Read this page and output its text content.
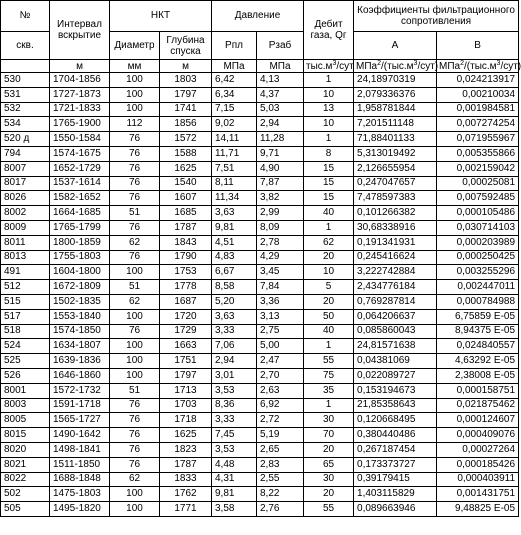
№	Интервал вскрытие	НКТ		Давление		Дебит газа, Qг	Коэффициенты фильтрационного сопротивления	
скв.		Диаметр	Глубина спуска	Рпл	Рзаб		A	B
	м	мм	м	МПа	МПа	$тыс.м^3$/сут	$МПа^2/(тыс.м^3/сут)$	$МПа^2/(тыс.м^3/сут)$
530	1704-1856	100	1803	6,42	4,13	1	24,18970319	0,024213917
531	1727-1873	100	1797	6,34	4,37	10	2,079336376	0,00210034
532	1721-1833	100	1741	7,15	5,03	13	1,958781844	0,001984581
534	1765-1900	112	1856	9,02	2,94	10	7,201511148	0,007274254
520 д	1550-1584	76	1572	14,11	11,28	1	71,88401133	0,071955967
794	1574-1675	76	1588	11,71	9,71	8	5,313019492	0,005355866
8007	1652-1729	76	1625	7,51	4,90	15	2,126655954	0,002159042
8017	1537-1614	76	1540	8,11	7,87	15	0,247047657	0,00025081
8026	1582-1652	76	1607	11,34	3,82	15	7,478597383	0,007592485
8002	1664-1685	51	1685	3,63	2,99	40	0,101266382	0,000105486
8009	1765-1799	76	1787	9,81	8,09	1	30,68338916	0,030714103
8011	1800-1859	62	1843	4,51	2,78	62	0,191341931	0,000203989
8013	1755-1803	76	1790	4,83	4,29	20	0,245416624	0,000250425
491	1604-1800	100	1753	6,67	3,45	10	3,222742884	0,003255296
512	1672-1809	51	1778	8,58	7,84	5	2,434776184	0,002447011
515	1502-1835	62	1687	5,20	3,36	20	0,769287814	0,000784988
517	1553-1840	100	1720	3,63	3,13	50	0,064206637	6,75859 E-05
518	1574-1850	76	1729	3,33	2,75	40	0,085860043	8,94375 E-05
524	1634-1807	100	1663	7,06	5,00	1	24,81571638	0,024840557
525	1639-1836	100	1751	2,94	2,47	55	0,04381069	4,63292 E-05
526	1646-1860	100	1797	3,01	2,70	75	0,022089727	2,38008 E-05
8001	1572-1732	51	1713	3,53	2,63	35	0,153194673	0,000158751
8003	1591-1718	76	1703	8,36	6,92	1	21,85358643	0,021875462
8005	1565-1727	76	1718	3,33	2,72	30	0,120668495	0,000124607
8015	1490-1642	76	1625	7,45	5,19	70	0,380440486	0,000409076
8020	1498-1841	76	1823	3,53	2,65	20	0,267187454	0,00027264
8021	1511-1850	76	1787	4,48	2,83	65	0,173373727	0,000185426
8022	1688-1848	62	1833	4,31	2,55	30	0,39179415	0,000403911
502	1475-1803	100	1762	9,81	8,22	20	1,403115829	0,001431751
505	1495-1820	100	1771	3,58	2,76	55	0,089663946	9,48825 E-05
